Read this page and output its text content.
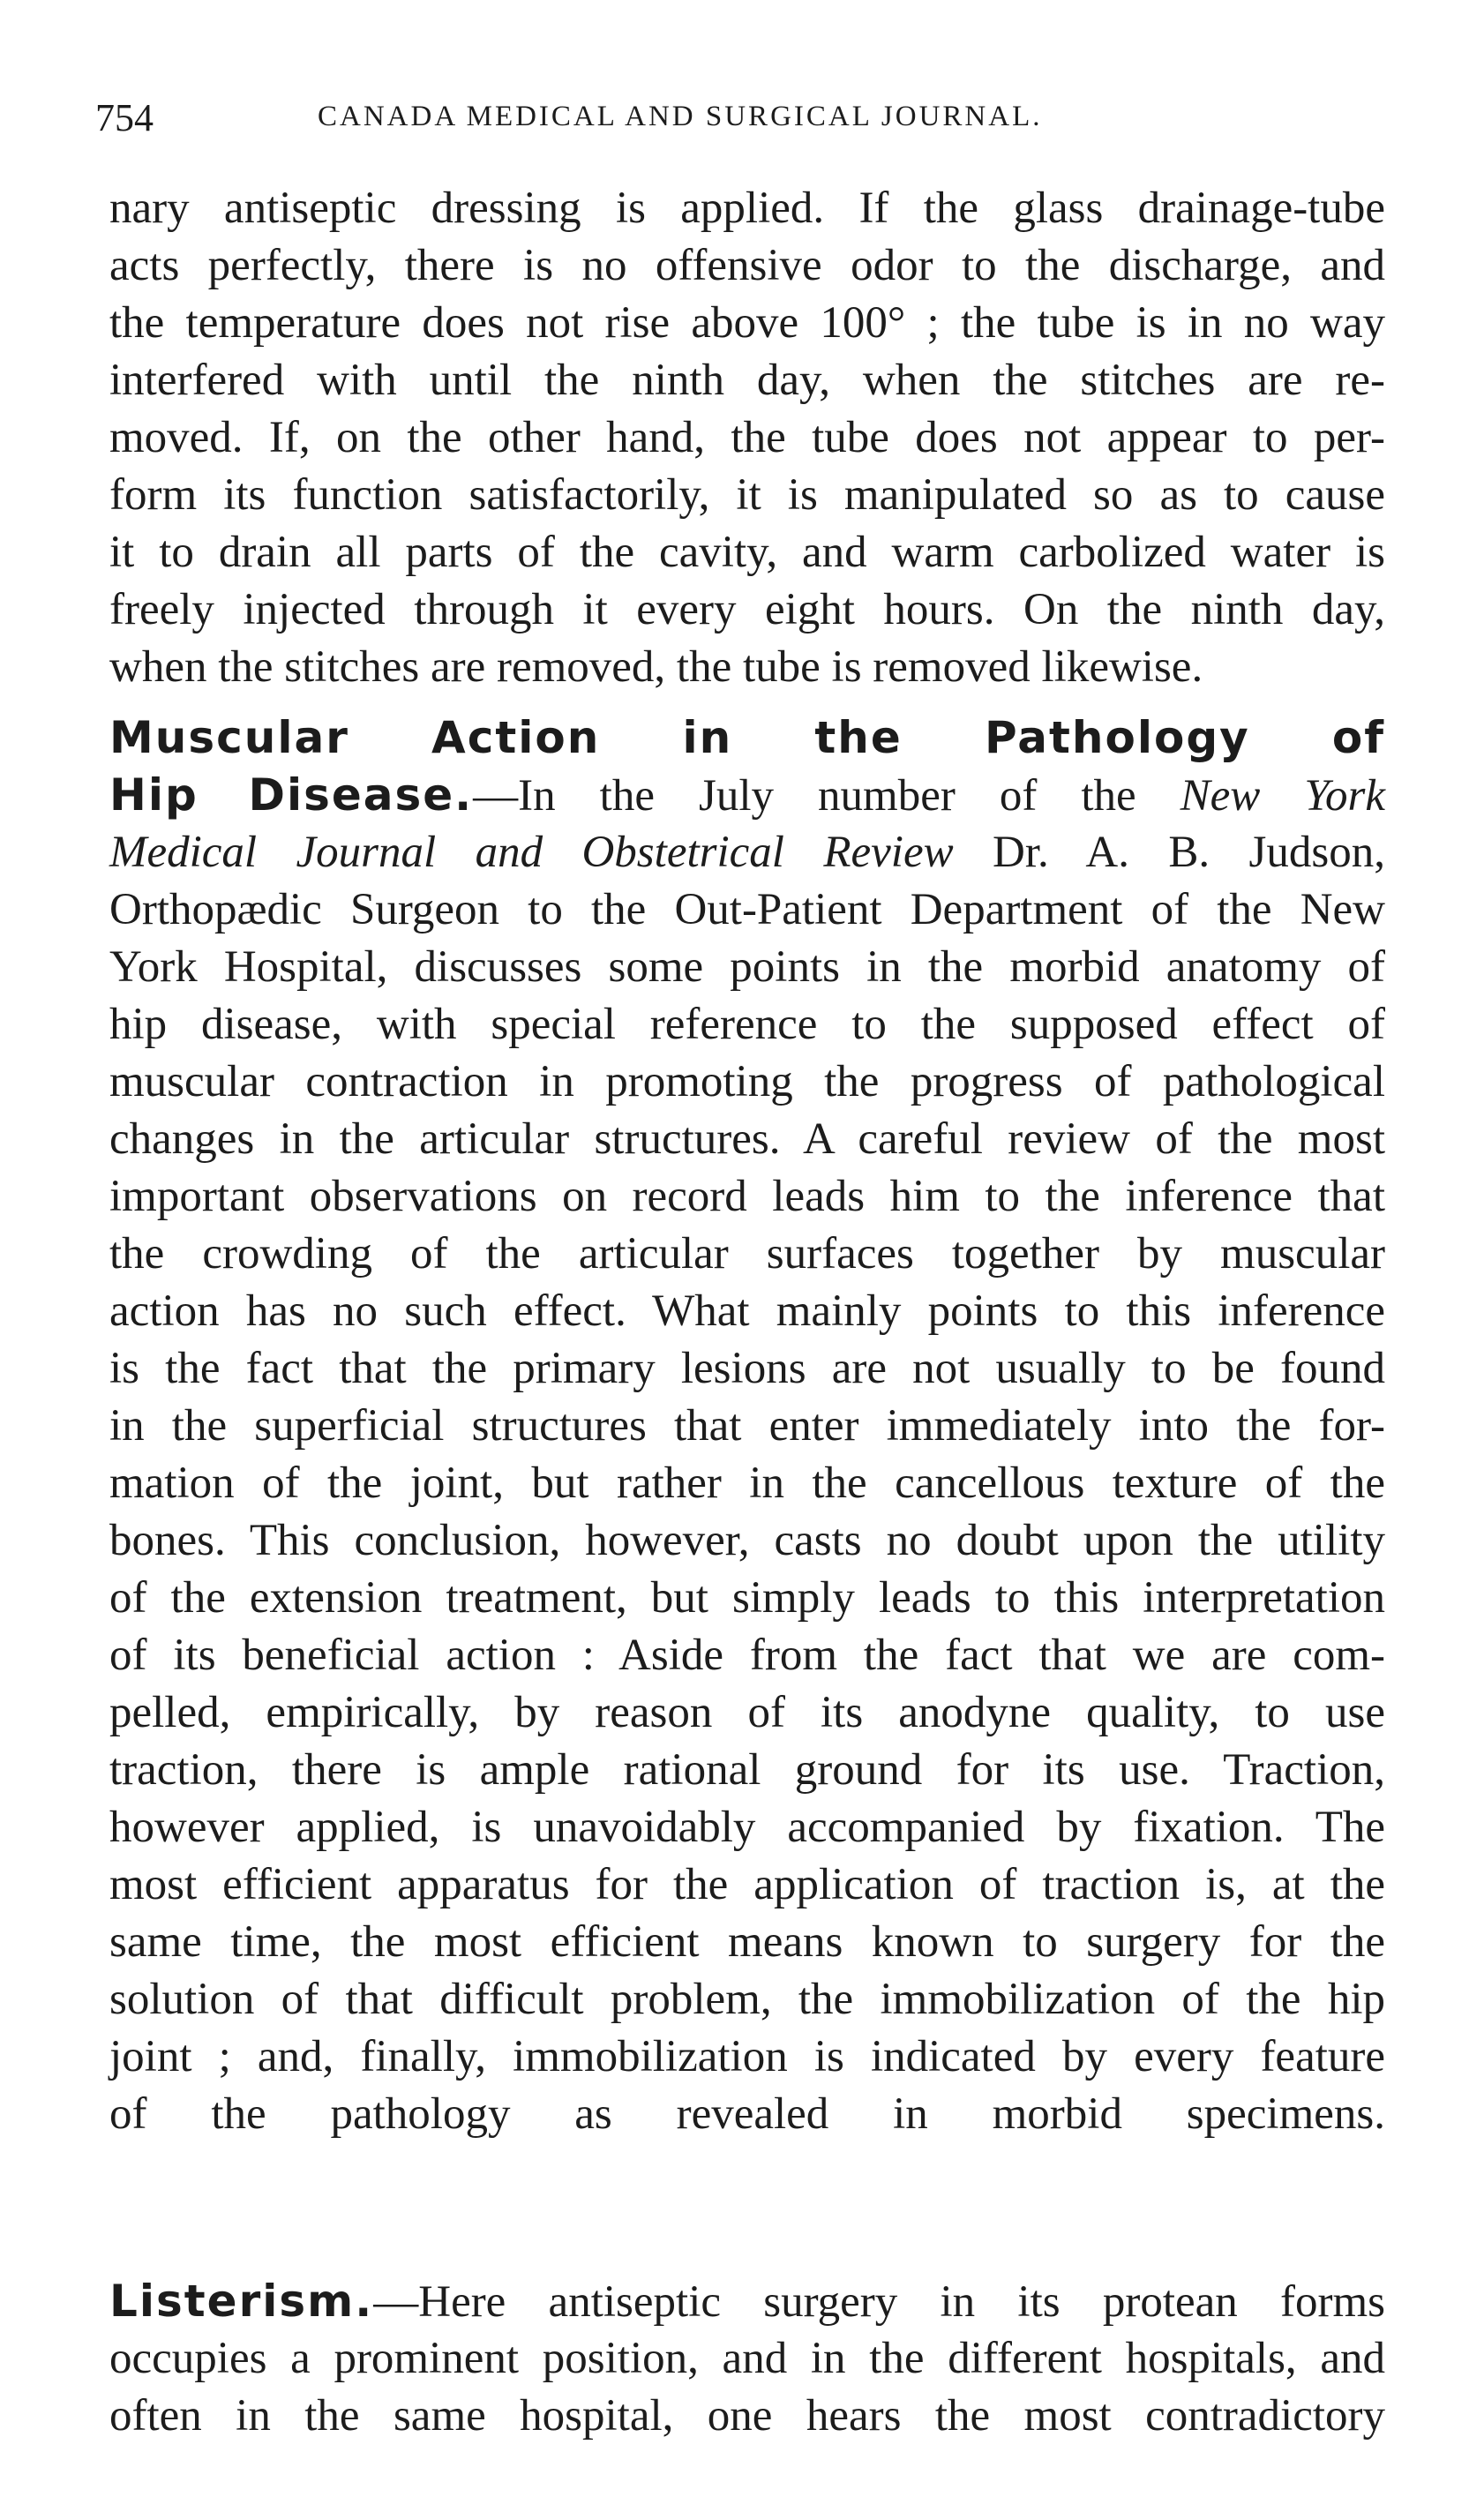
754	CANADA MEDICAL AND SURGICAL JOURNAL.
nary antiseptic dressing is applied. If the glass drainage-tube
acts perfectly, there is no offensive odor to the discharge, and
the temperature does not rise above 100° ; the tube is in no way
interfered with until the ninth day, when the stitches are re-
moved. If, on the other hand, the tube does not appear to per-
form its function satisfactorily, it is manipulated so as to cause
it to drain all parts of the cavity, and warm carbolized water is
freely injected through it every eight hours. On the ninth day,
when the stitches are removed, the tube is removed likewise.
Muscular Action in the Pathology of
Hip Disease.—In the July number of the New York
Medical Journal and Obstetrical Review Dr. A. B. Judson,
Orthopædic Surgeon to the Out-Patient Department of the New
York Hospital, discusses some points in the morbid anatomy of
hip disease, with special reference to the supposed effect of
muscular contraction in promoting the progress of pathological
changes in the articular structures. A careful review of the most
important observations on record leads him to the inference that
the crowding of the articular surfaces together by muscular
action has no such effect. What mainly points to this inference
is the fact that the primary lesions are not usually to be found
in the superficial structures that enter immediately into the for-
mation of the joint, but rather in the cancellous texture of the
bones. This conclusion, however, casts no doubt upon the utility
of the extension treatment, but simply leads to this interpretation
of its beneficial action : Aside from the fact that we are com-
pelled, empirically, by reason of its anodyne quality, to use
traction, there is ample rational ground for its use. Traction,
however applied, is unavoidably accompanied by fixation. The
most efficient apparatus for the application of traction is, at the
same time, the most efficient means known to surgery for the
solution of that difficult problem, the immobilization of the hip
joint ; and, finally, immobilization is indicated by every feature
of the pathology as revealed in morbid specimens.
Listerism.—Here antiseptic surgery in its protean forms
occupies a prominent position, and in the different hospitals, and
often in the same hospital, one hears the most contradictory
